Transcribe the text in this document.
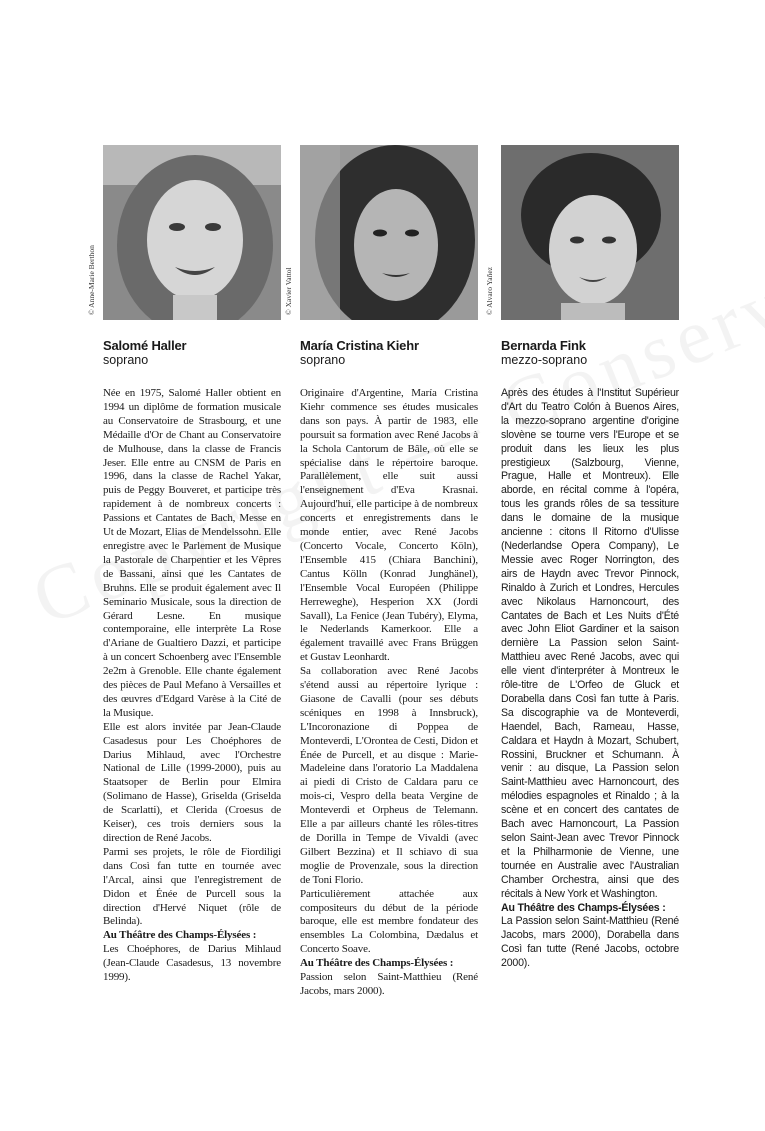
© Anne-Marie Berthon
Salomé Haller
soprano

Née en 1975, Salomé Haller obtient en 1994 un diplôme de formation musicale au Conservatoire de Strasbourg, et une Médaille d'Or de Chant au Conservatoire de Mulhouse, dans la classe de Francis Jeser. Elle entre au CNSM de Paris en 1996, dans la classe de Rachel Yakar, puis de Peggy Bouveret, et participe très rapidement à de nombreux concerts : Passions et Cantates de Bach, Messe en Ut de Mozart, Elias de Mendelssohn. Elle enregistre avec le Parlement de Musique la Pastorale de Charpentier et les Vêpres de Bassani, ainsi que les Cantates de Bruhns. Elle se produit également avec Il Seminario Musicale, sous la direction de Gérard Lesne. En musique contemporaine, elle interprète La Rose d'Ariane de Gualtiero Dazzi, et participe à un concert Schoenberg avec l'Ensemble 2e2m à Grenoble. Elle chante également des pièces de Paul Mefano à Versailles et des œuvres d'Edgard Varèse à la Cité de la Musique.

Elle est alors invitée par Jean-Claude Casadesus pour Les Choéphores de Darius Mihlaud, avec l'Orchestre National de Lille (1999-2000), puis au Staatsoper de Berlin pour Elmira (Solimano de Hasse), Griselda (Griselda de Scarlatti), et Clerida (Croesus de Keiser), ces trois derniers sous la direction de René Jacobs.

Parmi ses projets, le rôle de Fiordiligi dans Così fan tutte en tournée avec l'Arcal, ainsi que l'enregistrement de Didon et Énée de Purcell sous la direction d'Hervé Niquet (rôle de Belinda).

Au Théâtre des Champs-Élysées :

Les Choéphores, de Darius Mihlaud (Jean-Claude Casadesus, 13 novembre 1999).

© Xavier Vattol
María Cristina Kiehr
soprano

Originaire d'Argentine, María Cristina Kiehr commence ses études musicales dans son pays. À partir de 1983, elle poursuit sa formation avec René Jacobs à la Schola Cantorum de Bâle, où elle se spécialise dans le répertoire baroque. Parallèlement, elle suit aussi l'enseignement d'Eva Krasnai. Aujourd'hui, elle participe à de nombreux concerts et enregistrements dans le monde entier, avec René Jacobs (Concerto Vocale, Concerto Köln), l'Ensemble 415 (Chiara Banchini), Cantus Kölln (Konrad Junghänel), l'Ensemble Vocal Européen (Philippe Herreweghe), Hesperion XX (Jordi Savall), La Fenice (Jean Tubéry), Elyma, le Nederlands Kamerkoor. Elle a également travaillé avec Frans Brüggen et Gustav Leonhardt.

Sa collaboration avec René Jacobs s'étend aussi au répertoire lyrique : Giasone de Cavalli (pour ses débuts scéniques en 1998 à Innsbruck), L'Incoronazione di Poppea de Monteverdi, L'Orontea de Cesti, Didon et Énée de Purcell, et au disque : Marie-Madeleine dans l'oratorio La Maddalena ai piedi di Cristo de Caldara paru ce mois-ci, Vespro della beata Vergine de Monteverdi et Orpheus de Telemann. Elle a par ailleurs chanté les rôles-titres de Dorilla in Tempe de Vivaldi (avec Gilbert Bezzina) et Il schiavo di sua moglie de Provenzale, sous la direction de Toni Florio.

Particulièrement attachée aux compositeurs du début de la période baroque, elle est membre fondateur des ensembles La Colombina, Dædalus et Concerto Soave.

Au Théâtre des Champs-Élysées :

Passion selon Saint-Matthieu (René Jacobs, mars 2000).

© Alvaro Yañez
Bernarda Fink
mezzo-soprano

Après des études à l'Institut Supérieur d'Art du Teatro Colón à Buenos Aires, la mezzo-soprano argentine d'origine slovène se tourne vers l'Europe et se produit dans les lieux les plus prestigieux (Salzbourg, Vienne, Prague, Halle et Montreux). Elle aborde, en récital comme à l'opéra, tous les grands rôles de sa tessiture dans le domaine de la musique ancienne : citons Il Ritorno d'Ulisse (Nederlandse Opera Company), Le Messie avec Roger Norrington, des airs de Haydn avec Trevor Pinnock, Rinaldo à Zurich et Londres, Hercules avec Nikolaus Harnoncourt, des Cantates de Bach et Les Nuits d'Été avec John Eliot Gardiner et la saison dernière La Passion selon Saint-Matthieu avec René Jacobs, avec qui elle vient d'interpréter à Montreux le rôle-titre de L'Orfeo de Gluck et Dorabella dans Così fan tutte à Paris. Sa discographie va de Monteverdi, Haendel, Bach, Rameau, Hasse, Caldara et Haydn à Mozart, Schubert, Rossini, Bruckner et Schumann. À venir : au disque, La Passion selon Saint-Matthieu avec Harnoncourt, des mélodies espagnoles et Rinaldo ; à la scène et en concert des cantates de Bach avec Harnoncourt, La Passion selon Saint-Jean avec Trevor Pinnock et la Philharmonie de Vienne, une tournée en Australie avec l'Australian Chamber Orchestra, ainsi que des récitals à New York et Washington.

Au Théâtre des Champs-Élysées :

La Passion selon Saint-Matthieu (René Jacobs, mars 2000), Dorabella dans Così fan tutte (René Jacobs, octobre 2000).
